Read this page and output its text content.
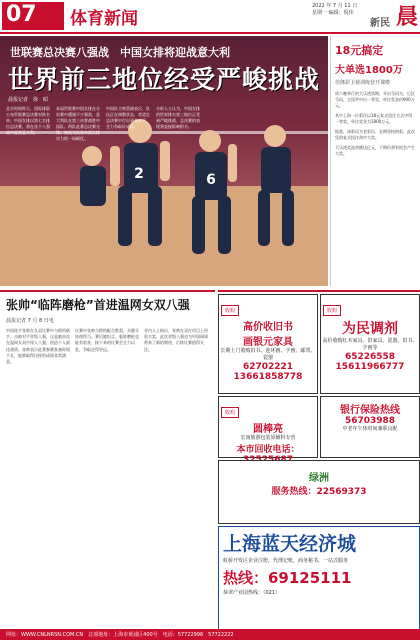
07	体育新闻
2022 年 7 月 11 日
星期一 编辑：倪伟
新民 晨
2	6
世联赛总决赛八强战　中国女排将迎战意大利
世界前三地位经受严峻挑战
晨报记者　徐　昭
北京时间昨天，国际排联公布世联赛总决赛对阵名单，中国女排以第七名排位总决赛，将在首个八强战中迎战意大利。
本届世联赛中国女排在分站赛中遭遇不少强敌，意大利队在第三站曾战胜中国队。两队此番总决赛交锋，被视为检验中国女排实力的一场硬仗。
中国队主帅蔡斌表示，队伍正在调整状态，希望在总决赛中打出更高水平，全力争取好成绩。
分析人士认为，中国女排的世界排名第三地位正受到严峻挑战，总决赛的表现将直接影响积分。
18元搞定
大单选1800万
佳隆彩卫视训练营开课啦
周六晚举行的大乐透第期，开出号码为，后区号码，全国共中出一等奖，单注奖金约900万元。
其中上海一位彩民以18元复式投注方式中得一等奖，单注奖金为1800万元。
据悉，该彩民为老彩民，长期坚持购彩，此次凭借复式投注命中大奖。
大乐透奖池余额达亿元，下期仍将有机会产生大奖。
张帅“临阵磨枪”首进温网女双八强
晨报记者 7 月 8 日电
中国选手张帅在女双比赛中与搭档联手，击败对手晋级八强，这是她首次在温网女双中闯入八强，创造个人最佳战绩。张帅表示此番参赛准备时间不长，能够取得这样的成绩非常满意。
比赛中张帅与搭档配合默契，关键分处理得当。赛后她坦言，临阵磨枪也能有收获，接下来的比赛会全力以赴，争取走得更远。
业内人士指出，张帅在双打项目上经验丰富，此次晋级八强也为中国网球带来了新的期待，后续比赛值得关注。
收购
高价收旧书
画银元家具
长期上门收购旧书、连环画、字画、邮票、瓷器
62702221 13661858778
收购
为民调剂
高价收购红木家具、旧家具、瓷器、旧书、字画等
65226558 15611966777
收购
圆棒亮
宏南旅游包装原辅料专营
本市回收电话：
银行保险热线
56703988
中老年午休时间兼职良配
绿洲
服务热线：22569373
上海蓝天经济城
虹桥开发区企业注册，代理记账，商务秘书，一站式服务
热线：69125111
恭翠产业园热线：（021）
网址：WWW.CNLNRSN.COM.CN　总部地址：上海市黄浦区400号　电话：57722996　57722222
